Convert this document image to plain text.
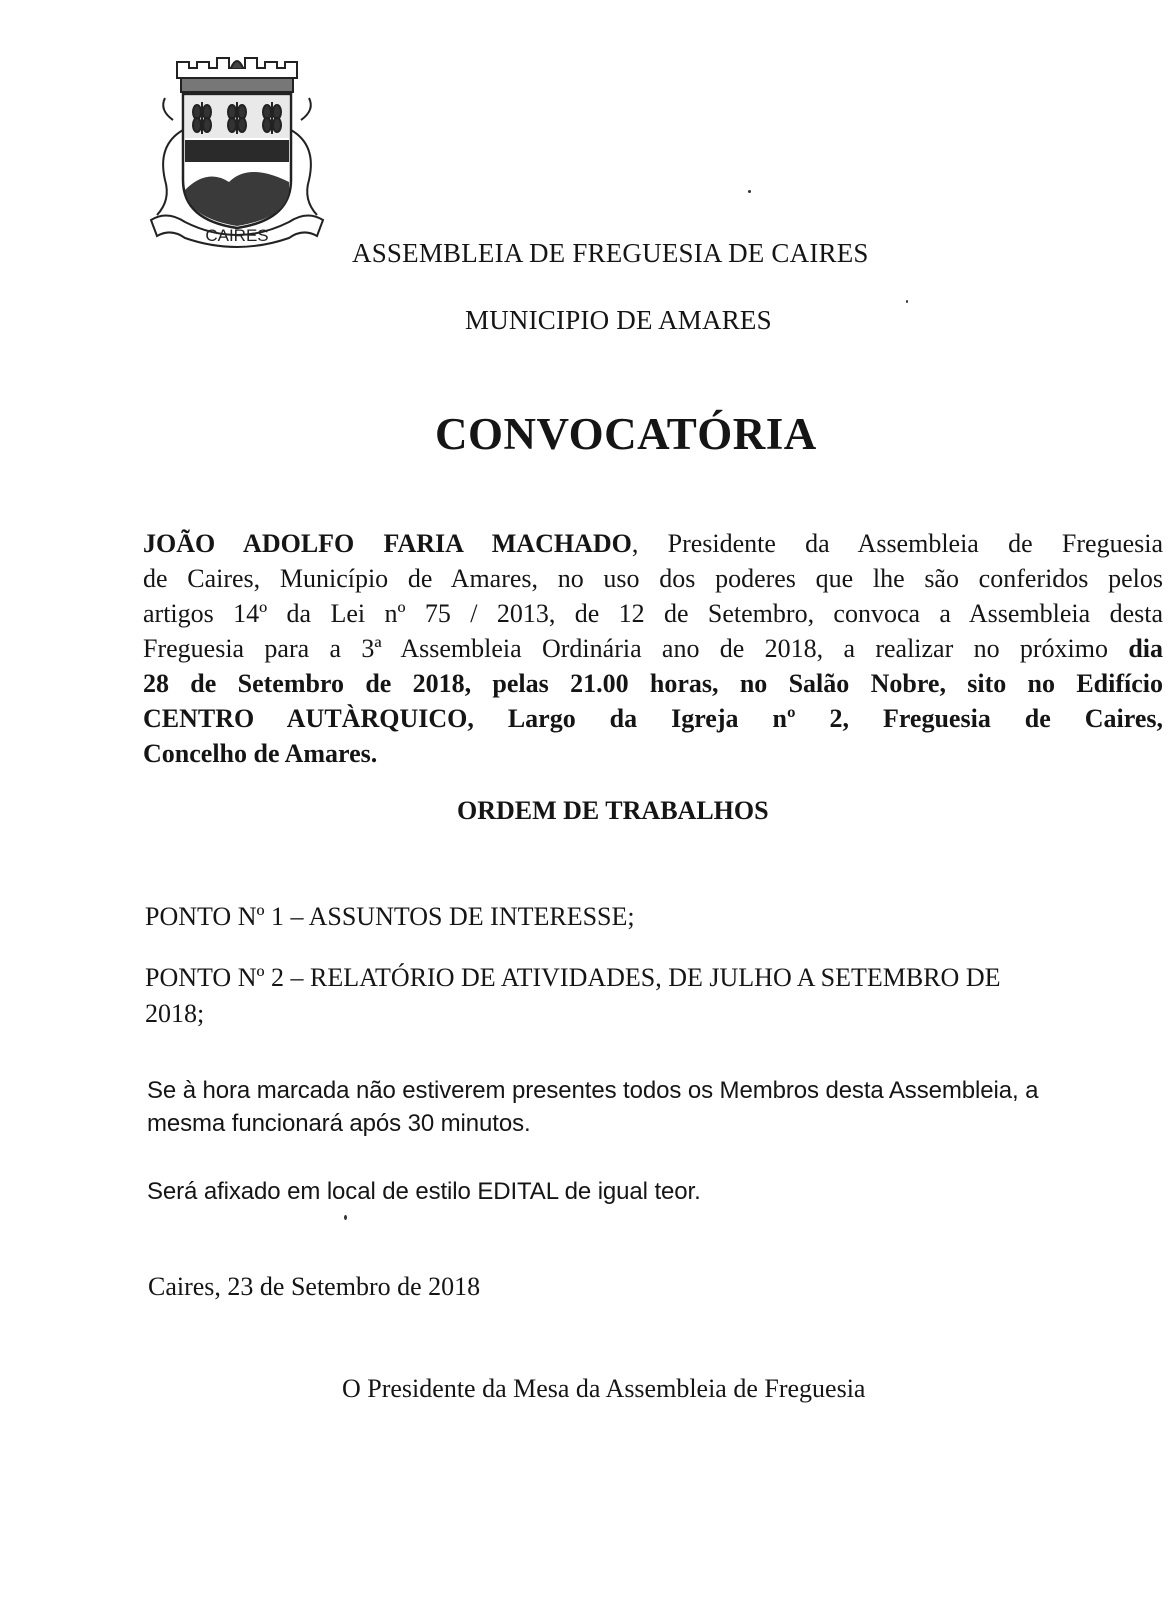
CAIRES
ASSEMBLEIA DE FREGUESIA DE CAIRES
MUNICIPIO DE AMARES
CONVOCATÓRIA
JOÃO ADOLFO FARIA MACHADO, Presidente da Assembleia de Freguesia
de Caires, Município de Amares, no uso dos poderes que lhe são conferidos pelos
artigos 14º da Lei nº 75 / 2013, de 12 de Setembro, convoca a Assembleia desta
Freguesia para a 3ª Assembleia Ordinária ano de 2018, a realizar no próximo dia
28 de Setembro de 2018, pelas 21.00 horas, no Salão Nobre, sito no Edifício
CENTRO AUTÀRQUICO, Largo da Igreja nº 2, Freguesia de Caires,
Concelho de Amares.
ORDEM DE TRABALHOS
PONTO Nº 1 – ASSUNTOS DE INTERESSE;
PONTO Nº 2 – RELATÓRIO DE ATIVIDADES, DE JULHO A SETEMBRO DE
2018;
Se à hora marcada não estiverem presentes todos os Membros desta Assembleia, a
mesma funcionará após 30 minutos.
Será afixado em local de estilo EDITAL de igual teor.
Caires, 23 de Setembro de 2018
O Presidente da Mesa da Assembleia de Freguesia
